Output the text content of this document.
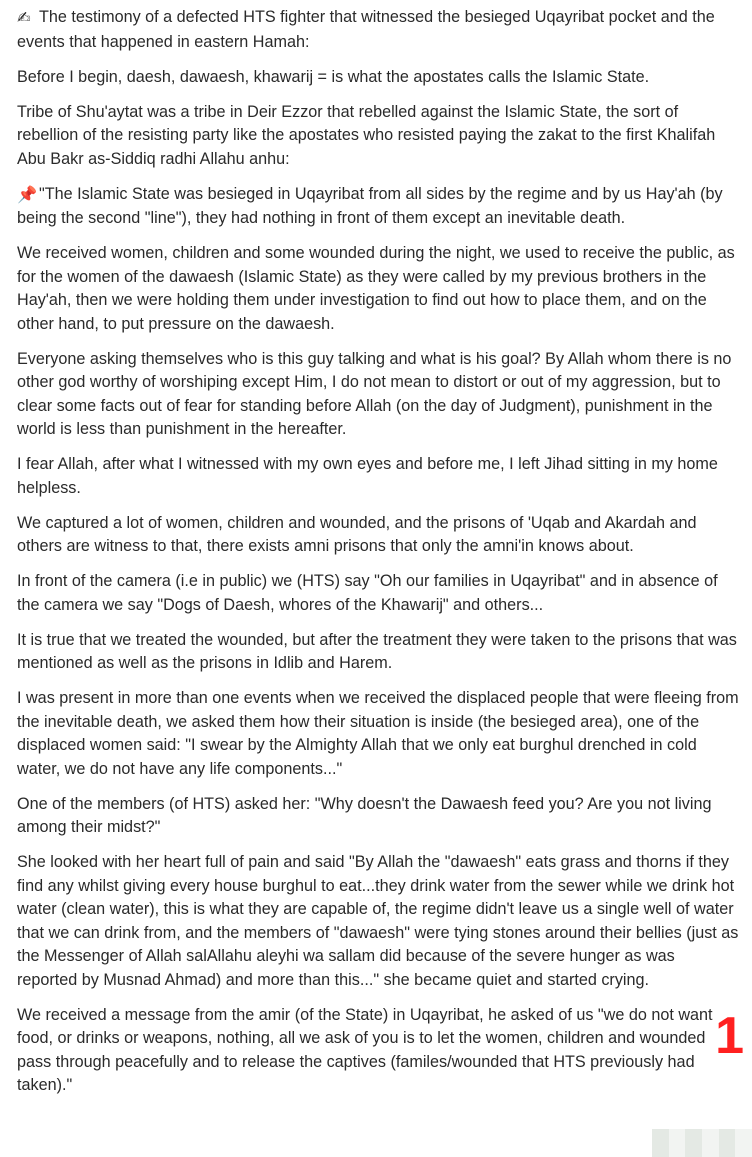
✍ The testimony of a defected HTS fighter that witnessed the besieged Uqayribat pocket and the events that happened in eastern Hamah:

Before I begin, daesh, dawaesh, khawarij = is what the apostates calls the Islamic State.

Tribe of Shu'aytat was a tribe in Deir Ezzor that rebelled against the Islamic State, the sort of rebellion of the resisting party like the apostates who resisted paying the zakat to the first Khalifah Abu Bakr as-Siddiq radhi Allahu anhu:

📌 "The Islamic State was besieged in Uqayribat from all sides by the regime and by us Hay'ah (by being the second "line"), they had nothing in front of them except an inevitable death.

We received women, children and some wounded during the night, we used to receive the public, as for the women of the dawaesh (Islamic State) as they were called by my previous brothers in the Hay'ah, then we were holding them under investigation to find out how to place them, and on the other hand, to put pressure on the dawaesh.

Everyone asking themselves who is this guy talking and what is his goal? By Allah whom there is no other god worthy of worshiping except Him, I do not mean to distort or out of my aggression, but to clear some facts out of fear for standing before Allah (on the day of Judgment), punishment in the world is less than punishment in the hereafter.

I fear Allah, after what I witnessed with my own eyes and before me, I left Jihad sitting in my home helpless.

We captured a lot of women, children and wounded, and the prisons of 'Uqab and Akardah and others are witness to that, there exists amni prisons that only the amni'in knows about.

In front of the camera (i.e in public) we (HTS) say "Oh our families in Uqayribat" and in absence of the camera we say "Dogs of Daesh, whores of the Khawarij" and others...

It is true that we treated the wounded, but after the treatment they were taken to the prisons that was mentioned as well as the prisons in Idlib and Harem.

I was present in more than one events when we received the displaced people that were fleeing from the inevitable death, we asked them how their situation is inside (the besieged area), one of the displaced women said: "I swear by the Almighty Allah that we only eat burghul drenched in cold water, we do not have any life components..."

One of the members (of HTS) asked her: "Why doesn't the Dawaesh feed you? Are you not living among their midst?"

She looked with her heart full of pain and said "By Allah the "dawaesh" eats grass and thorns if they find any whilst giving every house burghul to eat...they drink water from the sewer while we drink hot water (clean water), this is what they are capable of, the regime didn't leave us a single well of water that we can drink from, and the members of "dawaesh" were tying stones around their bellies (just as the Messenger of Allah salAllahu aleyhi wa sallam did because of the severe hunger as was reported by Musnad Ahmad) and more than this..." she became quiet and started crying.

We received a message from the amir (of the State) in Uqayribat, he asked of us "we do not want food, or drinks or weapons, nothing, all we ask of you is to let the women, children and wounded pass through peacefully and to release the captives (familes/wounded that HTS previously had taken)."

1
